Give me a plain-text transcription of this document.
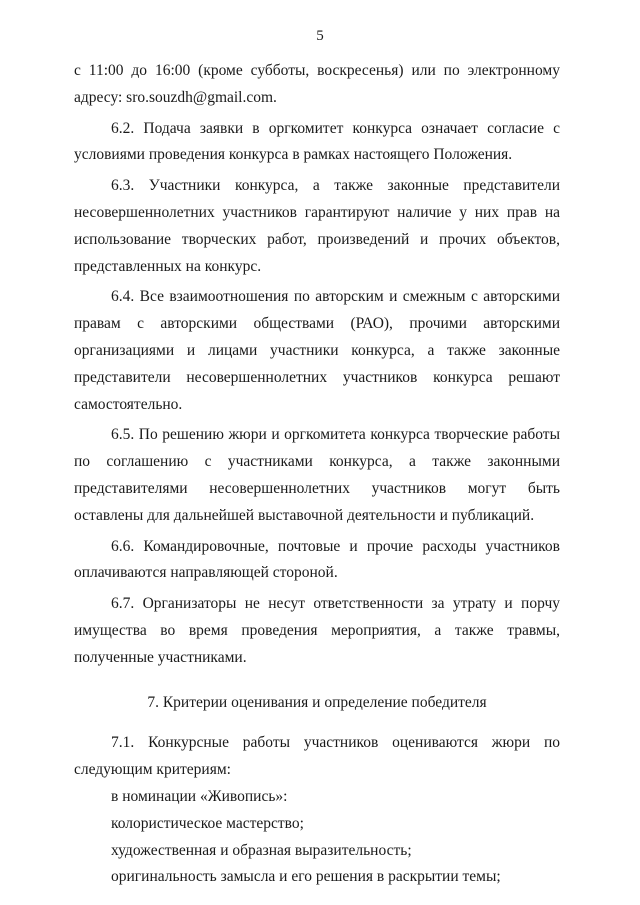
5

с 11:00 до 16:00 (кроме субботы, воскресенья) или по электронному адресу: sro.souzdh@gmail.com.

6.2. Подача заявки в оргкомитет конкурса означает согласие с условиями проведения конкурса в рамках настоящего Положения.

6.3. Участники конкурса, а также законные представители несовершеннолетних участников гарантируют наличие у них прав на использование творческих работ, произведений и прочих объектов, представленных на конкурс.

6.4. Все взаимоотношения по авторским и смежным с авторскими правам с авторскими обществами (РАО), прочими авторскими организациями и лицами участники конкурса, а также законные представители несовершеннолетних участников конкурса решают самостоятельно.

6.5. По решению жюри и оргкомитета конкурса творческие работы по соглашению с участниками конкурса, а также законными представителями несовершеннолетних участников могут быть оставлены для дальнейшей выставочной деятельности и публикаций.

6.6. Командировочные, почтовые и прочие расходы участников оплачиваются направляющей стороной.

6.7. Организаторы не несут ответственности за утрату и порчу имущества во время проведения мероприятия, а также травмы, полученные участниками.

7. Критерии оценивания и определение победителя

7.1. Конкурсные работы участников оцениваются жюри по следующим критериям:

в номинации «Живопись»:

колористическое мастерство;

художественная и образная выразительность;

оригинальность замысла и его решения в раскрытии темы;
